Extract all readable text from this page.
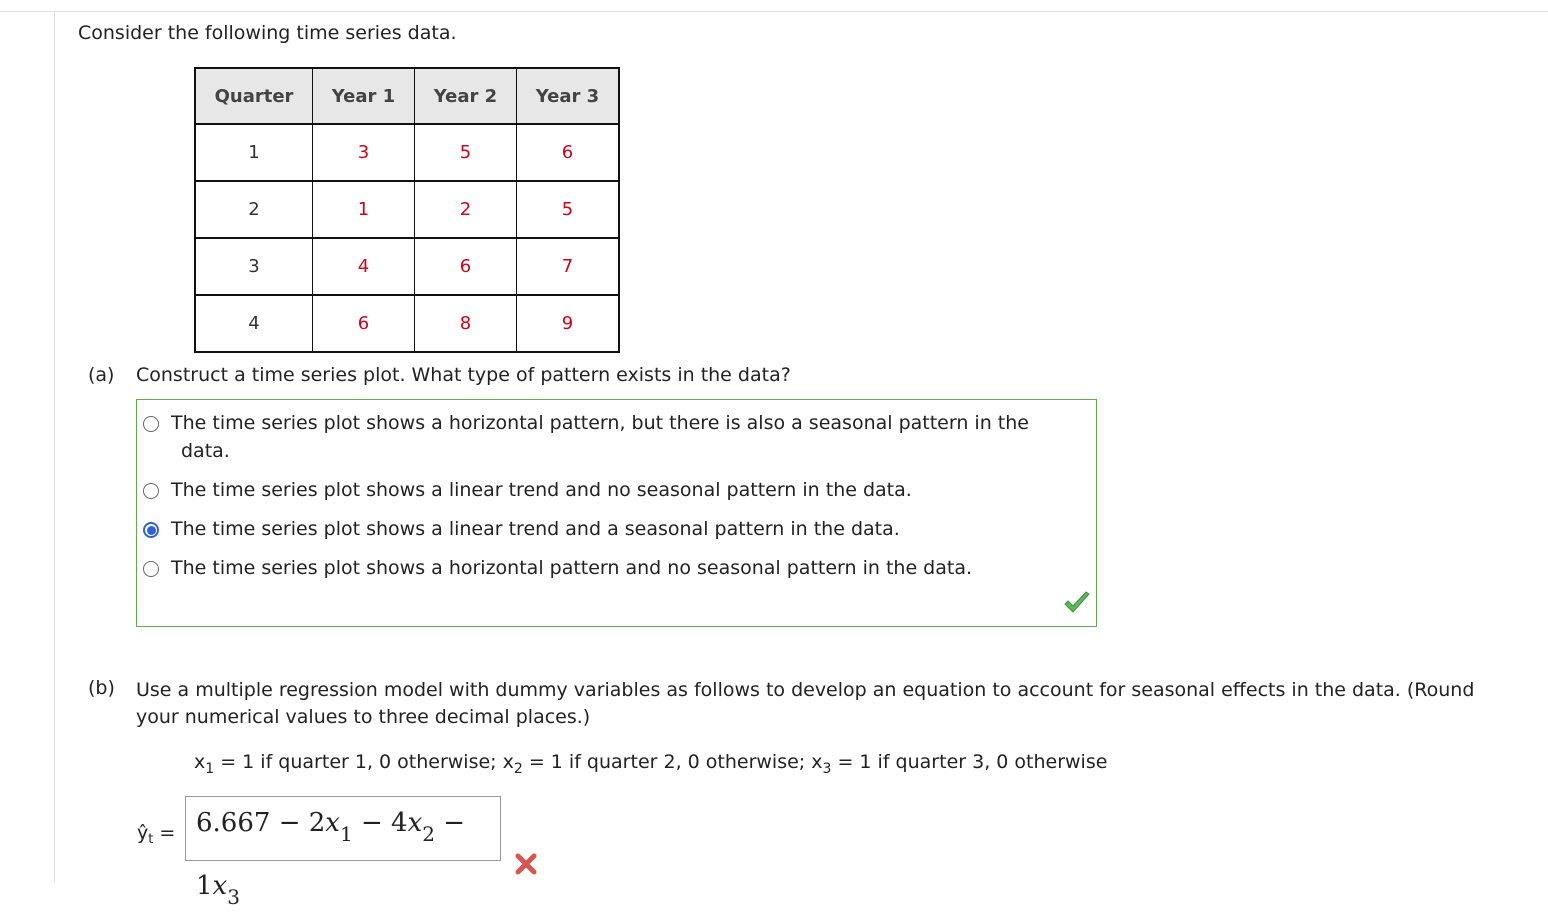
Consider the following time series data.
Quarter	Year 1	Year 2	Year 3
1	3	5	6
2	1	2	5
3	4	6	7
4	6	8	9
(a) Construct a time series plot. What type of pattern exists in the data?
The time series plot shows a horizontal pattern, but there is also a seasonal pattern in the
data.
The time series plot shows a linear trend and no seasonal pattern in the data.
The time series plot shows a linear trend and a seasonal pattern in the data.
The time series plot shows a horizontal pattern and no seasonal pattern in the data.
(b) Use a multiple regression model with dummy variables as follows to develop an equation to account for seasonal effects in the data. (Round
your numerical values to three decimal places.)
$x_1 = 1$ if quarter 1, 0 otherwise; $x_2 = 1$ if quarter 2, 0 otherwise; $x_3 = 1$ if quarter 3, 0 otherwise
$ŷ_t = 6.667 - 2x_1 - 4x_2 - 1x_3$
